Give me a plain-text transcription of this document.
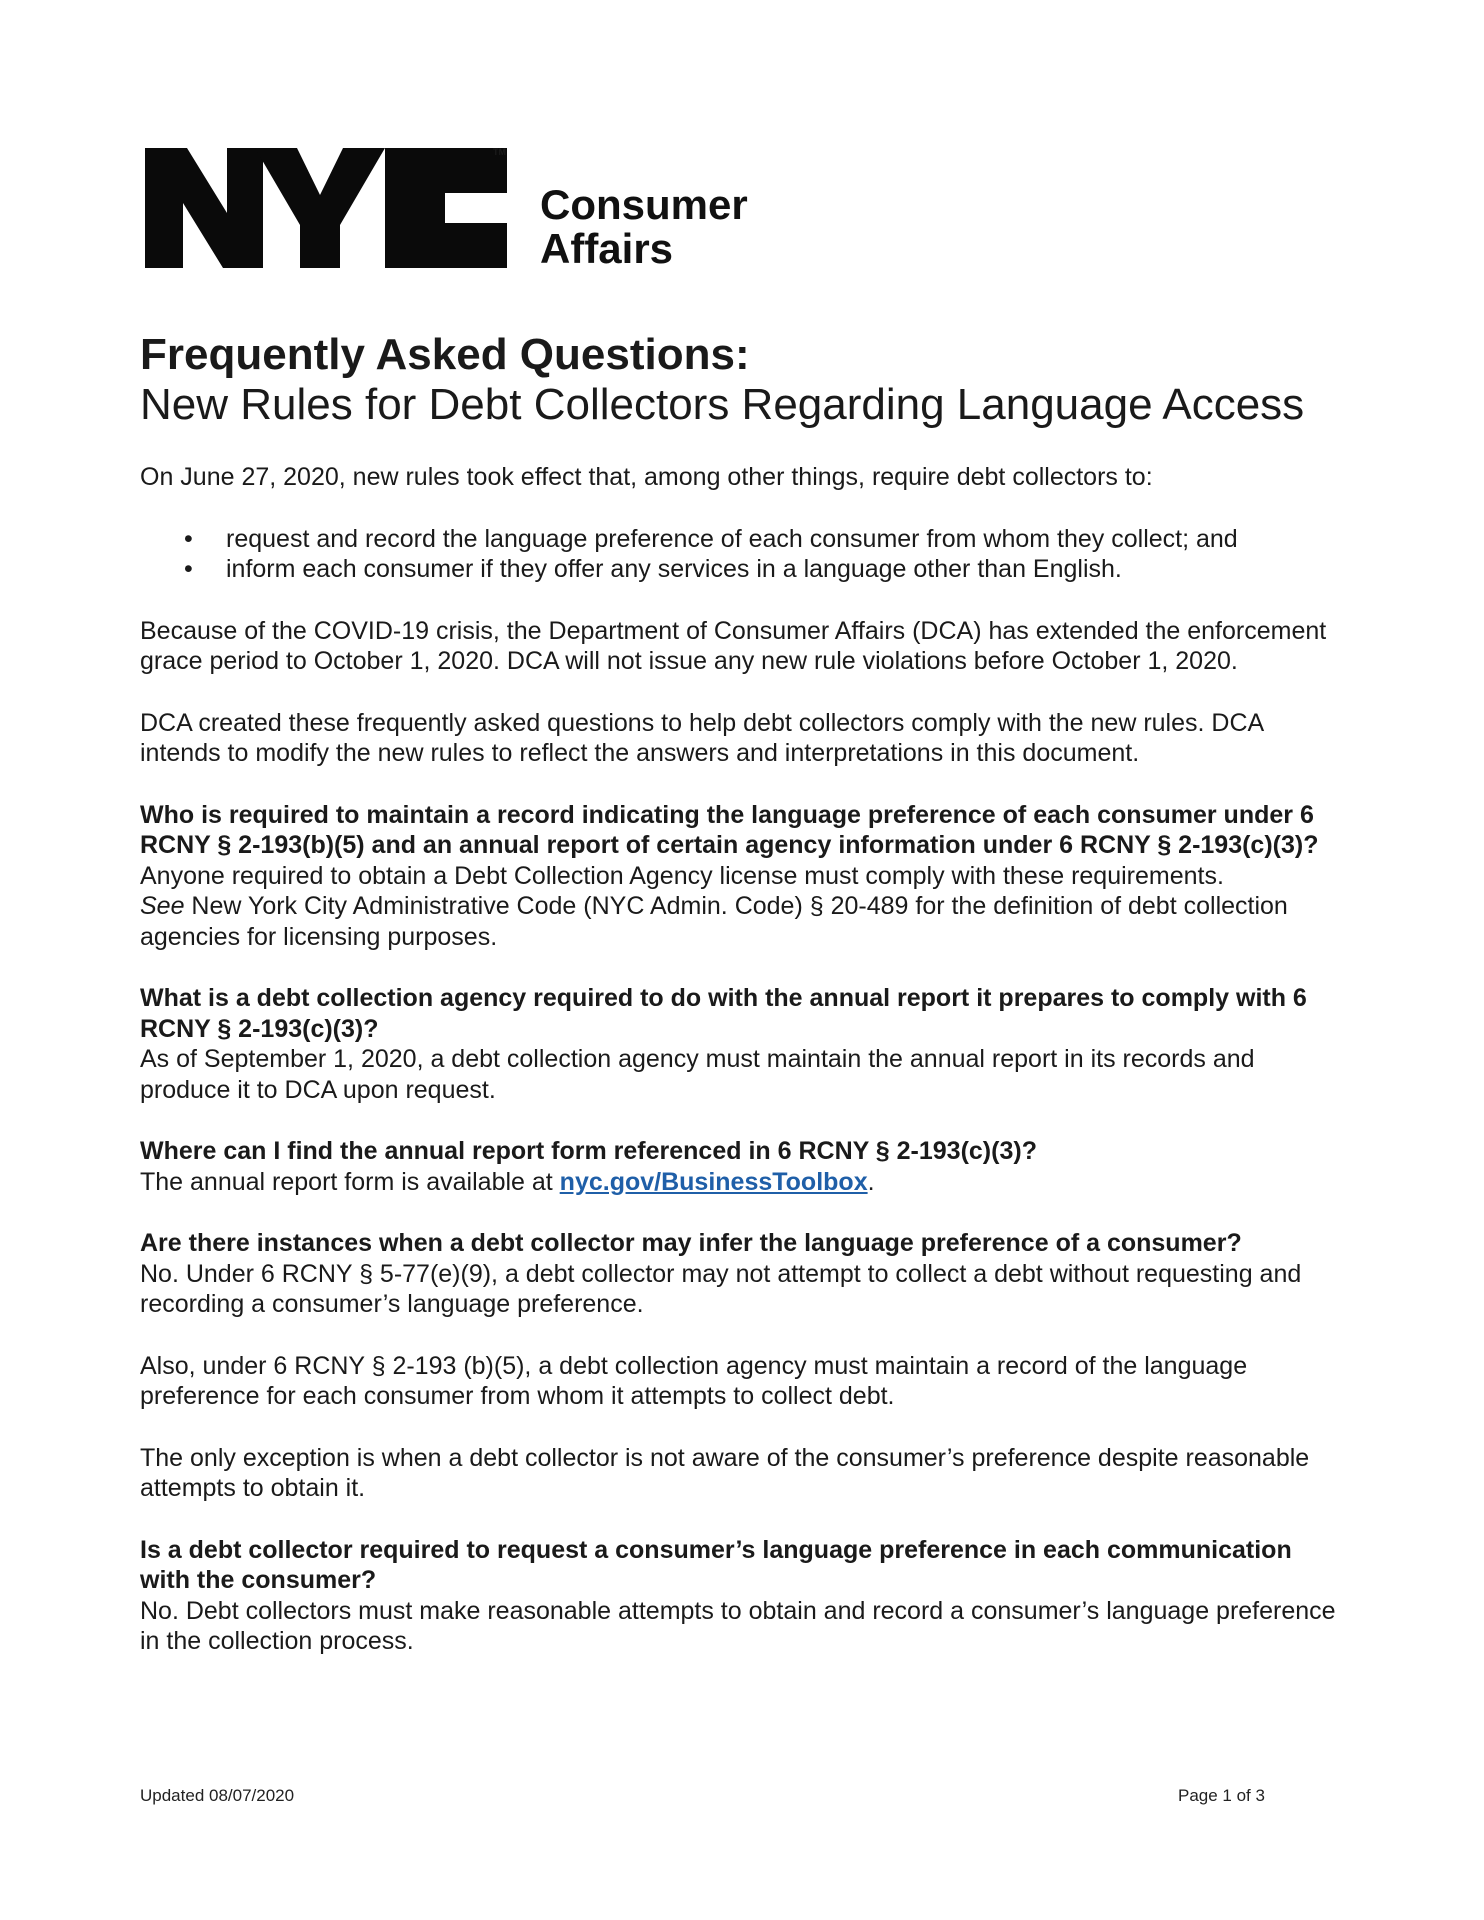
TM
Consumer
Affairs
Frequently Asked Questions:
New Rules for Debt Collectors Regarding Language Access

On June 27, 2020, new rules took effect that, among other things, require debt collectors to:

• request and record the language preference of each consumer from whom they collect; and
• inform each consumer if they offer any services in a language other than English.

Because of the COVID-19 crisis, the Department of Consumer Affairs (DCA) has extended the enforcement grace period to October 1, 2020. DCA will not issue any new rule violations before October 1, 2020.

DCA created these frequently asked questions to help debt collectors comply with the new rules. DCA intends to modify the new rules to reflect the answers and interpretations in this document.

Who is required to maintain a record indicating the language preference of each consumer under 6 RCNY § 2-193(b)(5) and an annual report of certain agency information under 6 RCNY § 2-193(c)(3)?

Anyone required to obtain a Debt Collection Agency license must comply with these requirements.
See New York City Administrative Code (NYC Admin. Code) § 20-489 for the definition of debt collection agencies for licensing purposes.

What is a debt collection agency required to do with the annual report it prepares to comply with 6 RCNY § 2-193(c)(3)?

As of September 1, 2020, a debt collection agency must maintain the annual report in its records and produce it to DCA upon request.

Where can I find the annual report form referenced in 6 RCNY § 2-193(c)(3)?

The annual report form is available at nyc.gov/BusinessToolbox.

Are there instances when a debt collector may infer the language preference of a consumer?

No. Under 6 RCNY § 5-77(e)(9), a debt collector may not attempt to collect a debt without requesting and recording a consumer’s language preference.

Also, under 6 RCNY § 2-193 (b)(5), a debt collection agency must maintain a record of the language preference for each consumer from whom it attempts to collect debt.

The only exception is when a debt collector is not aware of the consumer’s preference despite reasonable attempts to obtain it.

Is a debt collector required to request a consumer’s language preference in each communication with the consumer?

No. Debt collectors must make reasonable attempts to obtain and record a consumer’s language preference in the collection process.

Updated 08/07/2020	Page 1 of 3
